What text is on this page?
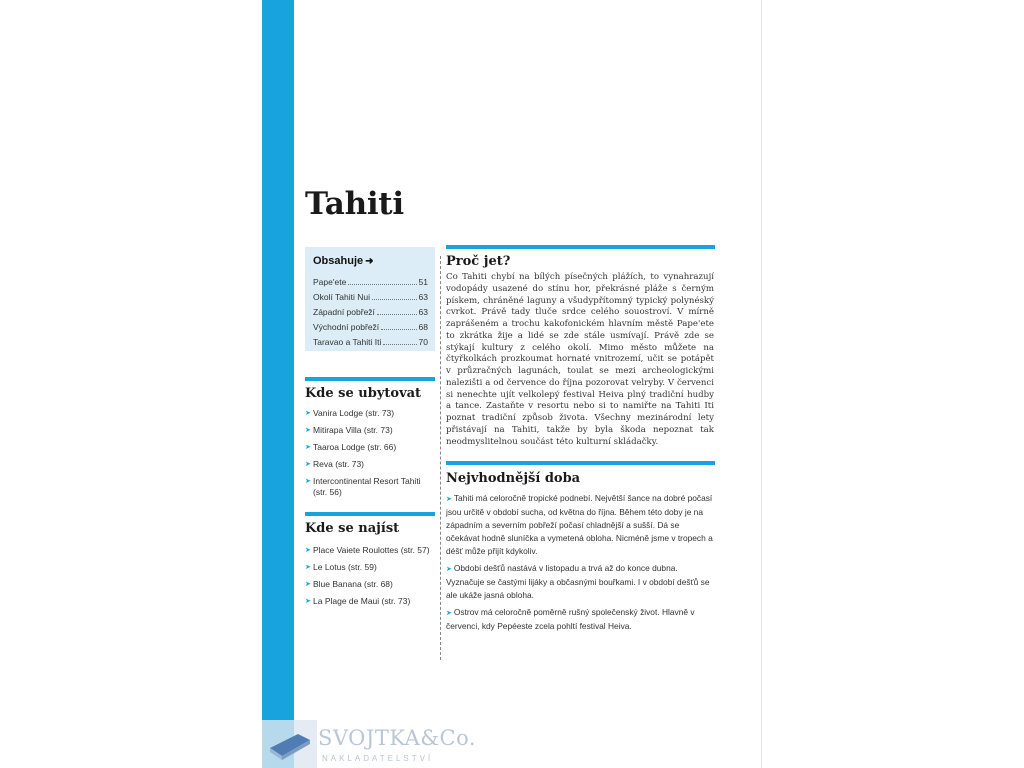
Tahiti
Obsahuje ➜
Pape'ete	51
Okolí Tahiti Nui	63
Západní pobřeží	63
Východní pobřeží	68
Taravao a Tahiti Iti	70
Kde se ubytovat
➤ Vanira Lodge (str. 73)
➤ Mitirapa Villa (str. 73)
➤ Taaroa Lodge (str. 66)
➤ Reva (str. 73)
➤ Intercontinental Resort Tahiti (str. 56)
Kde se najíst
➤ Place Vaiete Roulottes (str. 57)
➤ Le Lotus (str. 59)
➤ Blue Banana (str. 68)
➤ La Plage de Maui (str. 73)
Proč jet?

Co Tahiti chybí na bílých písečných plážích, to vynahrazují vodopády usazené do stínu hor, překrásné pláže s černým pískem, chráněné laguny a všudypřítomný typický polynéský cvrkot. Právě tady tluče srdce celého souostroví. V mírně zaprášeném a trochu kakofonickém hlavním městě Pape'ete to zkrátka žije a lidé se zde stále usmívají. Právě zde se stýkají kultury z celého okolí. Mimo město můžete na čtyřkolkách prozkoumat hornaté vnitrozemí, učit se potápět v průzračných lagunách, toulat se mezi archeologickými nalezišti a od července do října pozorovat velryby. V červenci si nenechte ujít velkolepý festival Heiva plný tradiční hudby a tance. Zastaňte v resortu nebo si to namiřte na Tahiti Iti poznat tradiční způsob života. Všechny mezinárodní lety přistávají na Tahiti, takže by byla škoda nepoznat tak neodmyslitelnou součást této kulturní skládačky.

Nejvhodnější doba

➤ Tahiti má celoročně tropické podnebí. Největší šance na dobré počasí jsou určitě v období sucha, od května do října. Během této doby je na západním a severním pobřeží počasí chladnější a sušší. Dá se očekávat hodně sluníčka a vymetená obloha. Nicméně jsme v tropech a déšť může přijít kdykoliv.

➤ Období dešťů nastává v listopadu a trvá až do konce dubna. Vyznačuje se častými lijáky a občasnými bouřkami. I v období dešťů se ale ukáže jasná obloha.

➤ Ostrov má celoročně poměrně rušný společenský život. Hlavně v červenci, kdy Pepéeste zcela pohltí festival Heiva.

SVOJTKA&Co.
NAKLADATELSTVÍ
